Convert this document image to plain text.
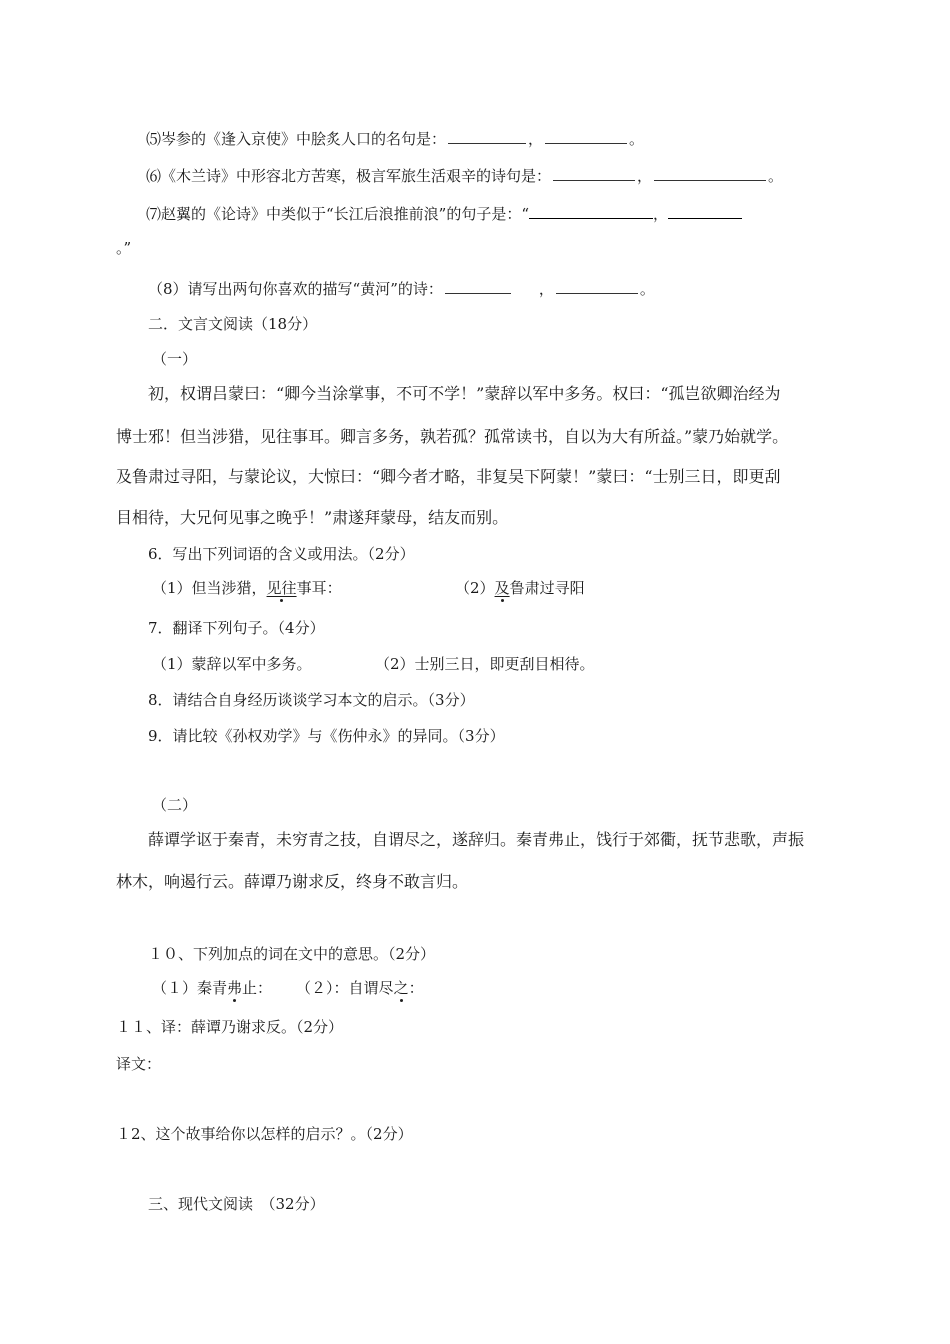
⑸岑参的《逢入京使》中脍炙人口的名句是：	，	。
⑹《木兰诗》中形容北方苦寒，极言军旅生活艰辛的诗句是：	，	。
⑺赵翼的《论诗》中类似于“长江后浪推前浪”的句子是：“	，
。”
（8）请写出两句你喜欢的描写“黄河”的诗：	，	。
二．文言文阅读（18分）
（一）
初，权谓吕蒙曰：“卿今当涂掌事，不可不学！”蒙辞以军中多务。权曰：“孤岂欲卿治经为
博士邪！但当涉猎，见往事耳。卿言多务，孰若孤？孤常读书，自以为大有所益。”蒙乃始就学。
及鲁肃过寻阳，与蒙论议，大惊曰：“卿今者才略，非复吴下阿蒙！”蒙曰：“士别三日，即更刮
目相待，大兄何见事之晚乎！”肃遂拜蒙母，结友而别。
6．写出下列词语的含义或用法。（2分）
（1）但当涉猎，见往事耳：	（2）及鲁肃过寻阳
7．翻译下列句子。（4分）
（1）蒙辞以军中多务。	（2）士别三日，即更刮目相待。
8．请结合自身经历谈谈学习本文的启示。（3分）
9．请比较《孙权劝学》与《伤仲永》的异同。（3分）
（二）
薛谭学讴于秦青，未穷青之技，自谓尽之，遂辞归。秦青弗止，饯行于郊衢，抚节悲歌，声振
林木，响遏行云。薛谭乃谢求反，终身不敢言归。
１０、下列加点的词在文中的意思。（2分）
（１）秦青弗止： （２）：自谓尽之：
１１、译：薛谭乃谢求反。（2分）
译文：
１2、这个故事给你以怎样的启示？。（2分）
三、现代文阅读　（32分）
